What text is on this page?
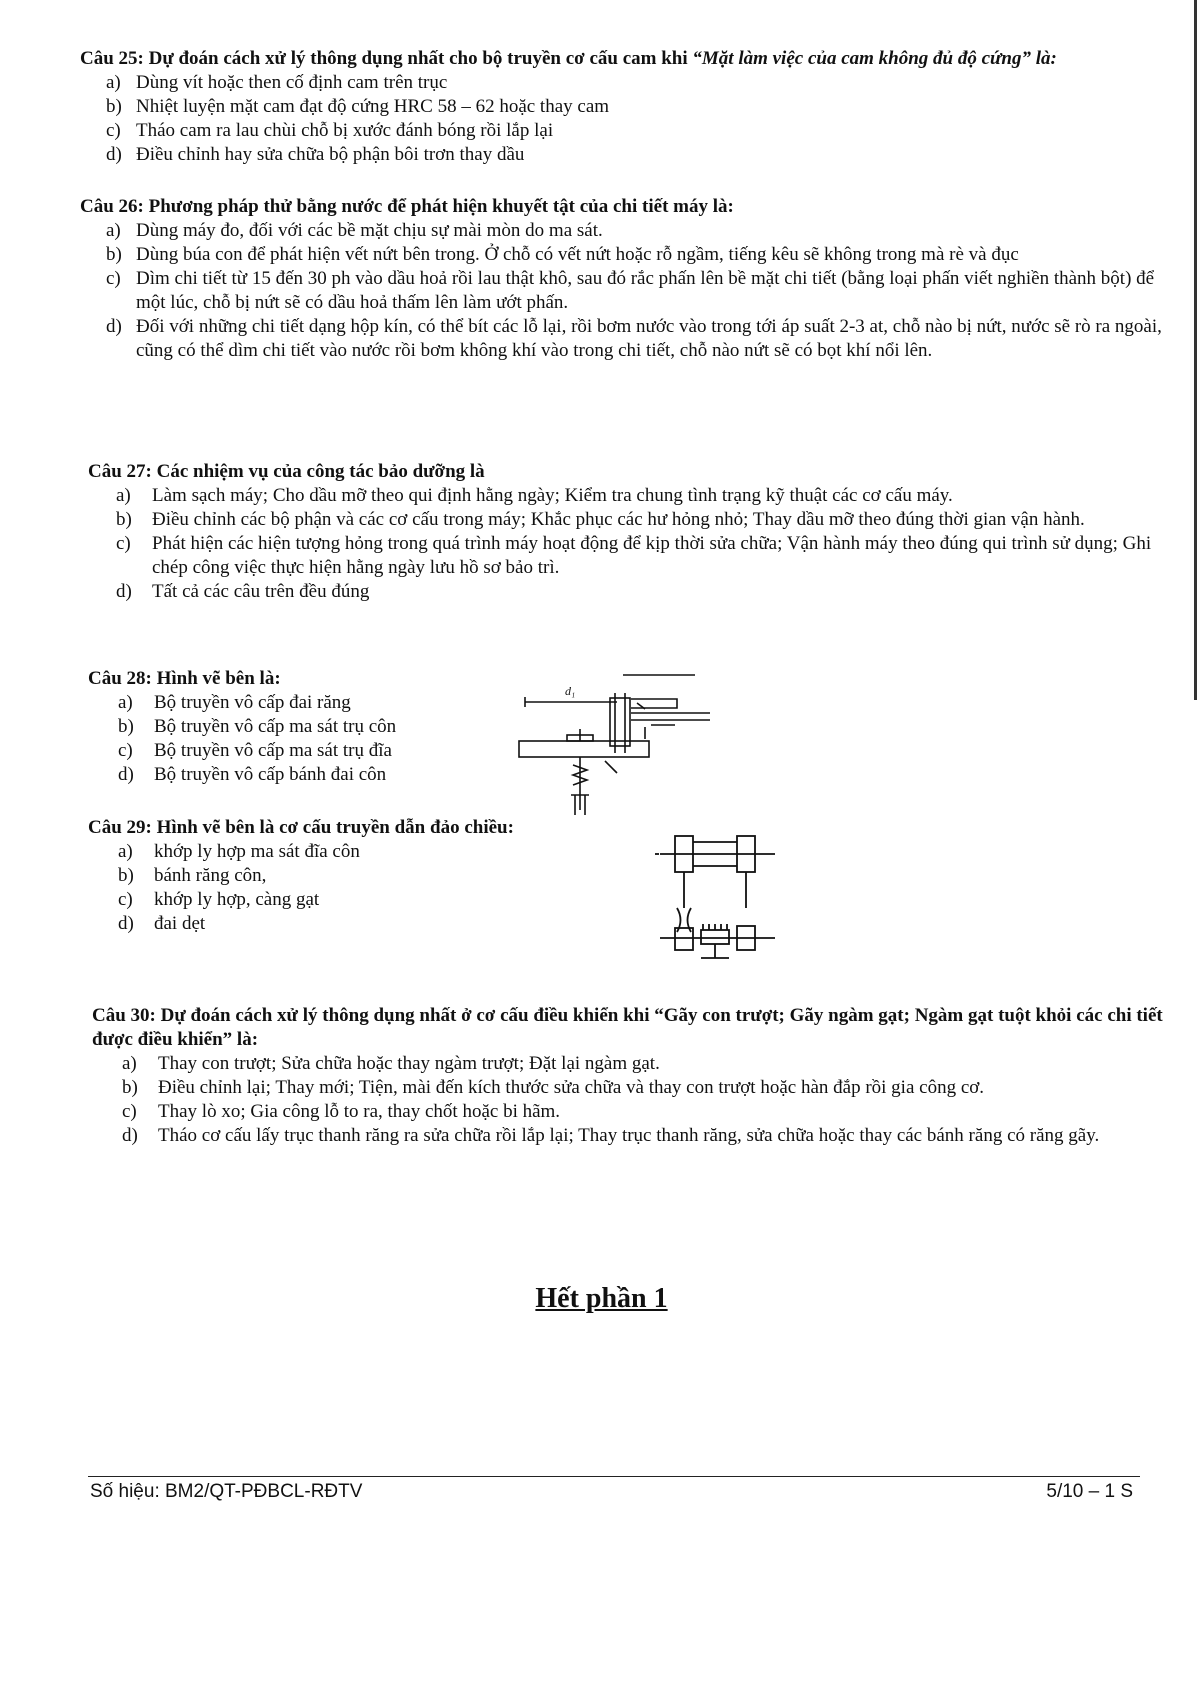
Câu 25: Dự đoán cách xử lý thông dụng nhất cho bộ truyền cơ cấu cam khi “Mặt làm việc của cam không đủ độ cứng” là:
a) Dùng vít hoặc then cố định cam trên trục
b) Nhiệt luyện mặt cam đạt độ cứng HRC 58 – 62 hoặc thay cam
c) Tháo cam ra lau chùi chỗ bị xước đánh bóng rồi lắp lại
d) Điều chỉnh hay sửa chữa bộ phận bôi trơn thay dầu
Câu 26: Phương pháp thử bằng nước để phát hiện khuyết tật của chi tiết máy là:
a) Dùng máy đo, đối với các bề mặt chịu sự mài mòn do ma sát.
b) Dùng búa con để phát hiện vết nứt bên trong. Ở chỗ có vết nứt hoặc rỗ ngầm, tiếng kêu sẽ không trong mà rè và đục
c) Dìm chi tiết từ 15 đến 30 ph vào dầu hoả rồi lau thật khô, sau đó rắc phấn lên bề mặt chi tiết (bằng loại phấn viết nghiền thành bột) để một lúc, chỗ bị nứt sẽ có dầu hoả thấm lên làm ướt phấn.
d) Đối với những chi tiết dạng hộp kín, có thể bít các lỗ lại, rồi bơm nước vào trong tới áp suất 2-3 at, chỗ nào bị nứt, nước sẽ rò ra ngoài, cũng có thể dìm chi tiết vào nước rồi bơm không khí vào trong chi tiết, chỗ nào nứt sẽ có bọt khí nổi lên.
Câu 27: Các nhiệm vụ của công tác bảo dưỡng là
a) Làm sạch máy; Cho dầu mỡ theo qui định hằng ngày; Kiểm tra chung tình trạng kỹ thuật các cơ cấu máy.
b) Điều chỉnh các bộ phận và các cơ cấu trong máy; Khắc phục các hư hỏng nhỏ; Thay dầu mỡ theo đúng thời gian vận hành.
c) Phát hiện các hiện tượng hỏng trong quá trình máy hoạt động để kịp thời sửa chữa; Vận hành máy theo đúng qui trình sử dụng; Ghi chép công việc thực hiện hằng ngày lưu hồ sơ bảo trì.
d) Tất cả các câu trên đều đúng
Câu 28: Hình vẽ bên là:
a) Bộ truyền vô cấp đai răng
b) Bộ truyền vô cấp ma sát trụ côn
c) Bộ truyền vô cấp ma sát trụ đĩa
d) Bộ truyền vô cấp bánh đai côn
d₁
Câu 29: Hình vẽ bên là cơ cấu truyền dẫn đảo chiều:
a) khớp ly hợp ma sát đĩa côn
b) bánh răng côn,
c) khớp ly hợp, càng gạt
d) đai dẹt
Câu 30: Dự đoán cách xử lý thông dụng nhất ở cơ cấu điều khiển khi “Gãy con trượt; Gãy ngàm gạt; Ngàm gạt tuột khỏi các chi tiết được điều khiển” là:
a) Thay con trượt; Sửa chữa hoặc thay ngàm trượt; Đặt lại ngàm gạt.
b) Điều chỉnh lại; Thay mới; Tiện, mài đến kích thước sửa chữa và thay con trượt hoặc hàn đắp rồi gia công cơ.
c) Thay lò xo; Gia công lỗ to ra, thay chốt hoặc bi hãm.
d) Tháo cơ cấu lấy trục thanh răng ra sửa chữa rồi lắp lại; Thay trục thanh răng, sửa chữa hoặc thay các bánh răng có răng gãy.
Hết phần 1
Số hiệu: BM2/QT-PĐBCL-RĐTV	5/10 – 1 S
